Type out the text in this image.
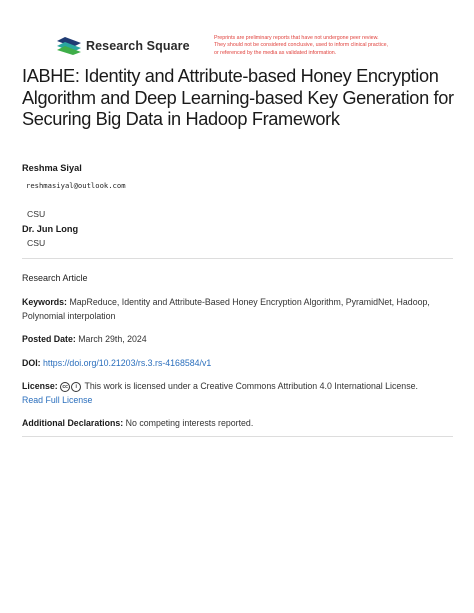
Research Square
Preprints are preliminary reports that have not undergone peer review.
They should not be considered conclusive, used to inform clinical practice,
or referenced by the media as validated information.
IABHE: Identity and Attribute-based Honey Encryption Algorithm and Deep Learning-based Key Generation for Securing Big Data in Hadoop Framework
Reshma Siyal
reshmasiyal@outlook.com
CSU
Dr. Jun Long
CSU
Research Article
Keywords: MapReduce, Identity and Attribute-Based Honey Encryption Algorithm, PyramidNet, Hadoop, Polynomial interpolation
Posted Date: March 29th, 2024
DOI: https://doi.org/10.21203/rs.3.rs-4168584/v1
License: cc i This work is licensed under a Creative Commons Attribution 4.0 International License.
Read Full License
Additional Declarations: No competing interests reported.
